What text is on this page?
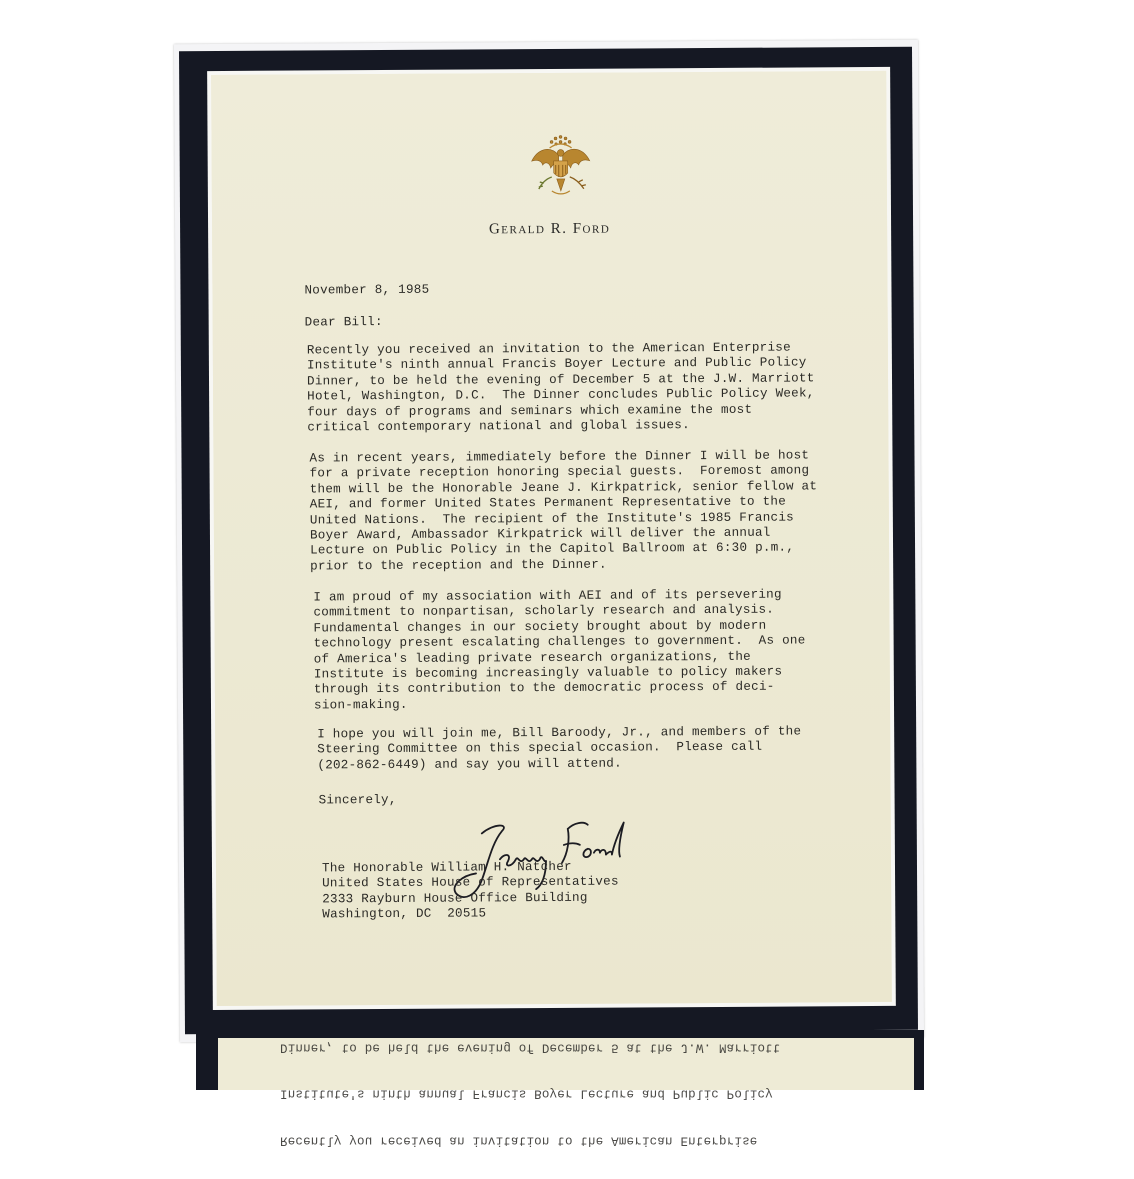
Gerald R. Ford

November 8, 1985

Dear Bill:

Recently you received an invitation to the American Enterprise

Institute's ninth annual Francis Boyer Lecture and Public Policy

Dinner, to be held the evening of December 5 at the J.W. Marriott

Hotel, Washington, D.C.  The Dinner concludes Public Policy Week,

four days of programs and seminars which examine the most

critical contemporary national and global issues.

As in recent years, immediately before the Dinner I will be host

for a private reception honoring special guests.  Foremost among

them will be the Honorable Jeane J. Kirkpatrick, senior fellow at

AEI, and former United States Permanent Representative to the

United Nations.  The recipient of the Institute's 1985 Francis

Boyer Award, Ambassador Kirkpatrick will deliver the annual

Lecture on Public Policy in the Capitol Ballroom at 6:30 p.m.,

prior to the reception and the Dinner.

I am proud of my association with AEI and of its persevering

commitment to nonpartisan, scholarly research and analysis.

Fundamental changes in our society brought about by modern

technology present escalating challenges to government.  As one

of America's leading private research organizations, the

Institute is becoming increasingly valuable to policy makers

through its contribution to the democratic process of deci-

sion-making.

I hope you will join me, Bill Baroody, Jr., and members of the

Steering Committee on this special occasion.  Please call

(202-862-6449) and say you will attend.

Sincerely,

The Honorable William H. Natcher

United States House of Representatives

2333 Rayburn House Office Building

Washington, DC  20515

Recently you received an invitation to the American Enterprise

Institute's ninth annual Francis Boyer Lecture and Public Policy

Dinner, to be held the evening of December 5 at the J.W. Marriott
